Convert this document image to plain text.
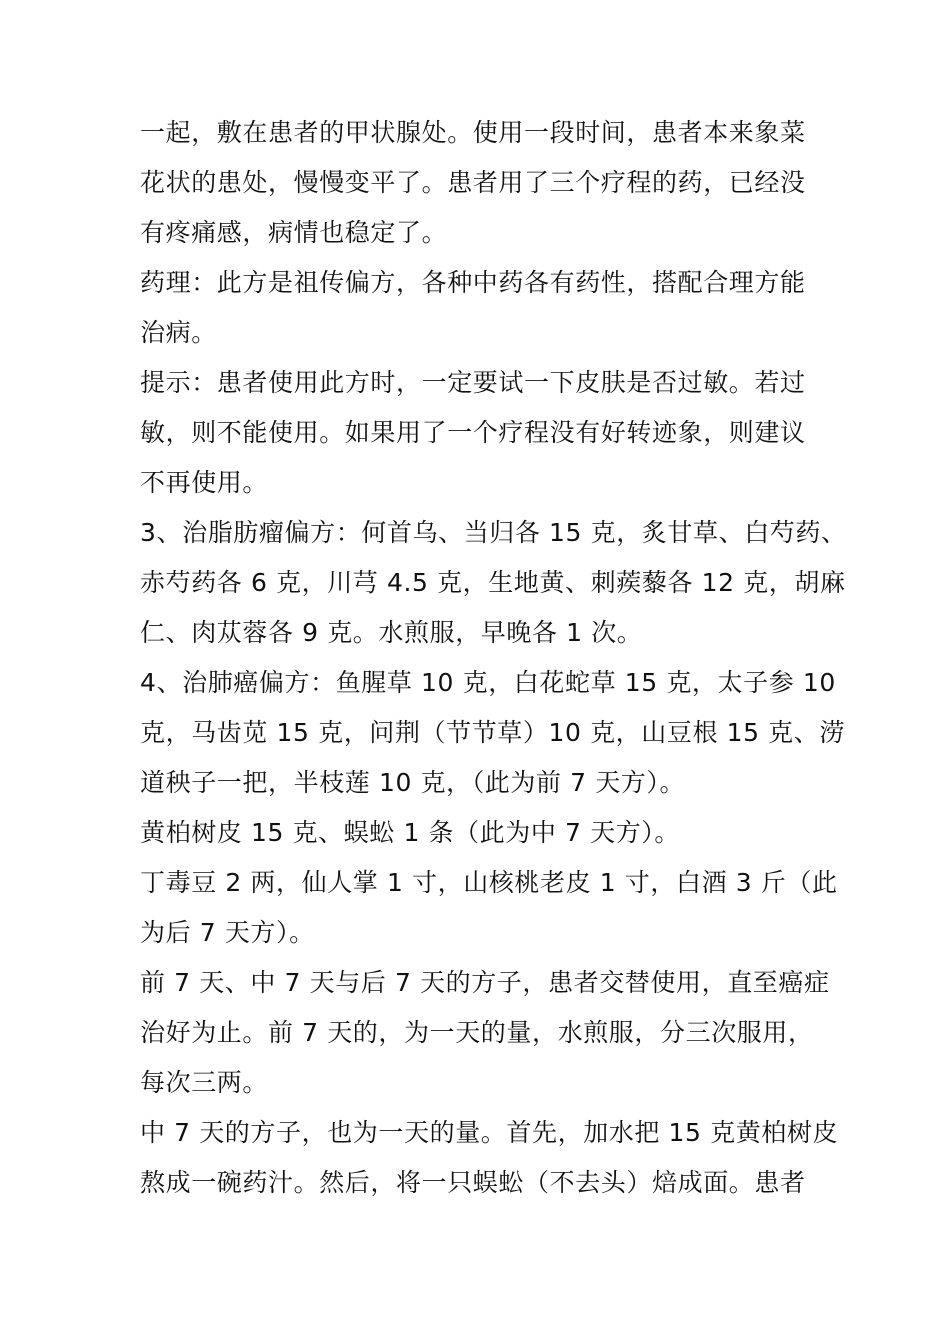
一起，敷在患者的甲状腺处。使用一段时间，患者本来象菜
花状的患处，慢慢变平了。患者用了三个疗程的药，已经没
有疼痛感，病情也稳定了。
药理：此方是祖传偏方，各种中药各有药性，搭配合理方能
治病。
提示：患者使用此方时，一定要试一下皮肤是否过敏。若过
敏，则不能使用。如果用了一个疗程没有好转迹象，则建议
不再使用。
3、治脂肪瘤偏方：何首乌、当归各 15 克，炙甘草、白芍药、
赤芍药各 6 克，川芎 4.5 克，生地黄、刺蒺藜各 12 克，胡麻
仁、肉苁蓉各 9 克。水煎服，早晚各 1 次。
4、治肺癌偏方：鱼腥草 10 克，白花蛇草 15 克，太子参 10
克，马齿苋 15 克，问荆（节节草）10 克，山豆根 15 克、涝
道秧子一把，半枝莲 10 克，（此为前 7 天方）。
黄柏树皮 15 克、蜈蚣 1 条（此为中 7 天方）。
丁毒豆 2 两，仙人掌 1 寸，山核桃老皮 1 寸，白酒 3 斤（此
为后 7 天方）。
前 7 天、中 7 天与后 7 天的方子，患者交替使用，直至癌症
治好为止。前 7 天的，为一天的量，水煎服，分三次服用，
每次三两。
中 7 天的方子，也为一天的量。首先，加水把 15 克黄柏树皮
熬成一碗药汁。然后，将一只蜈蚣（不去头）焙成面。患者
